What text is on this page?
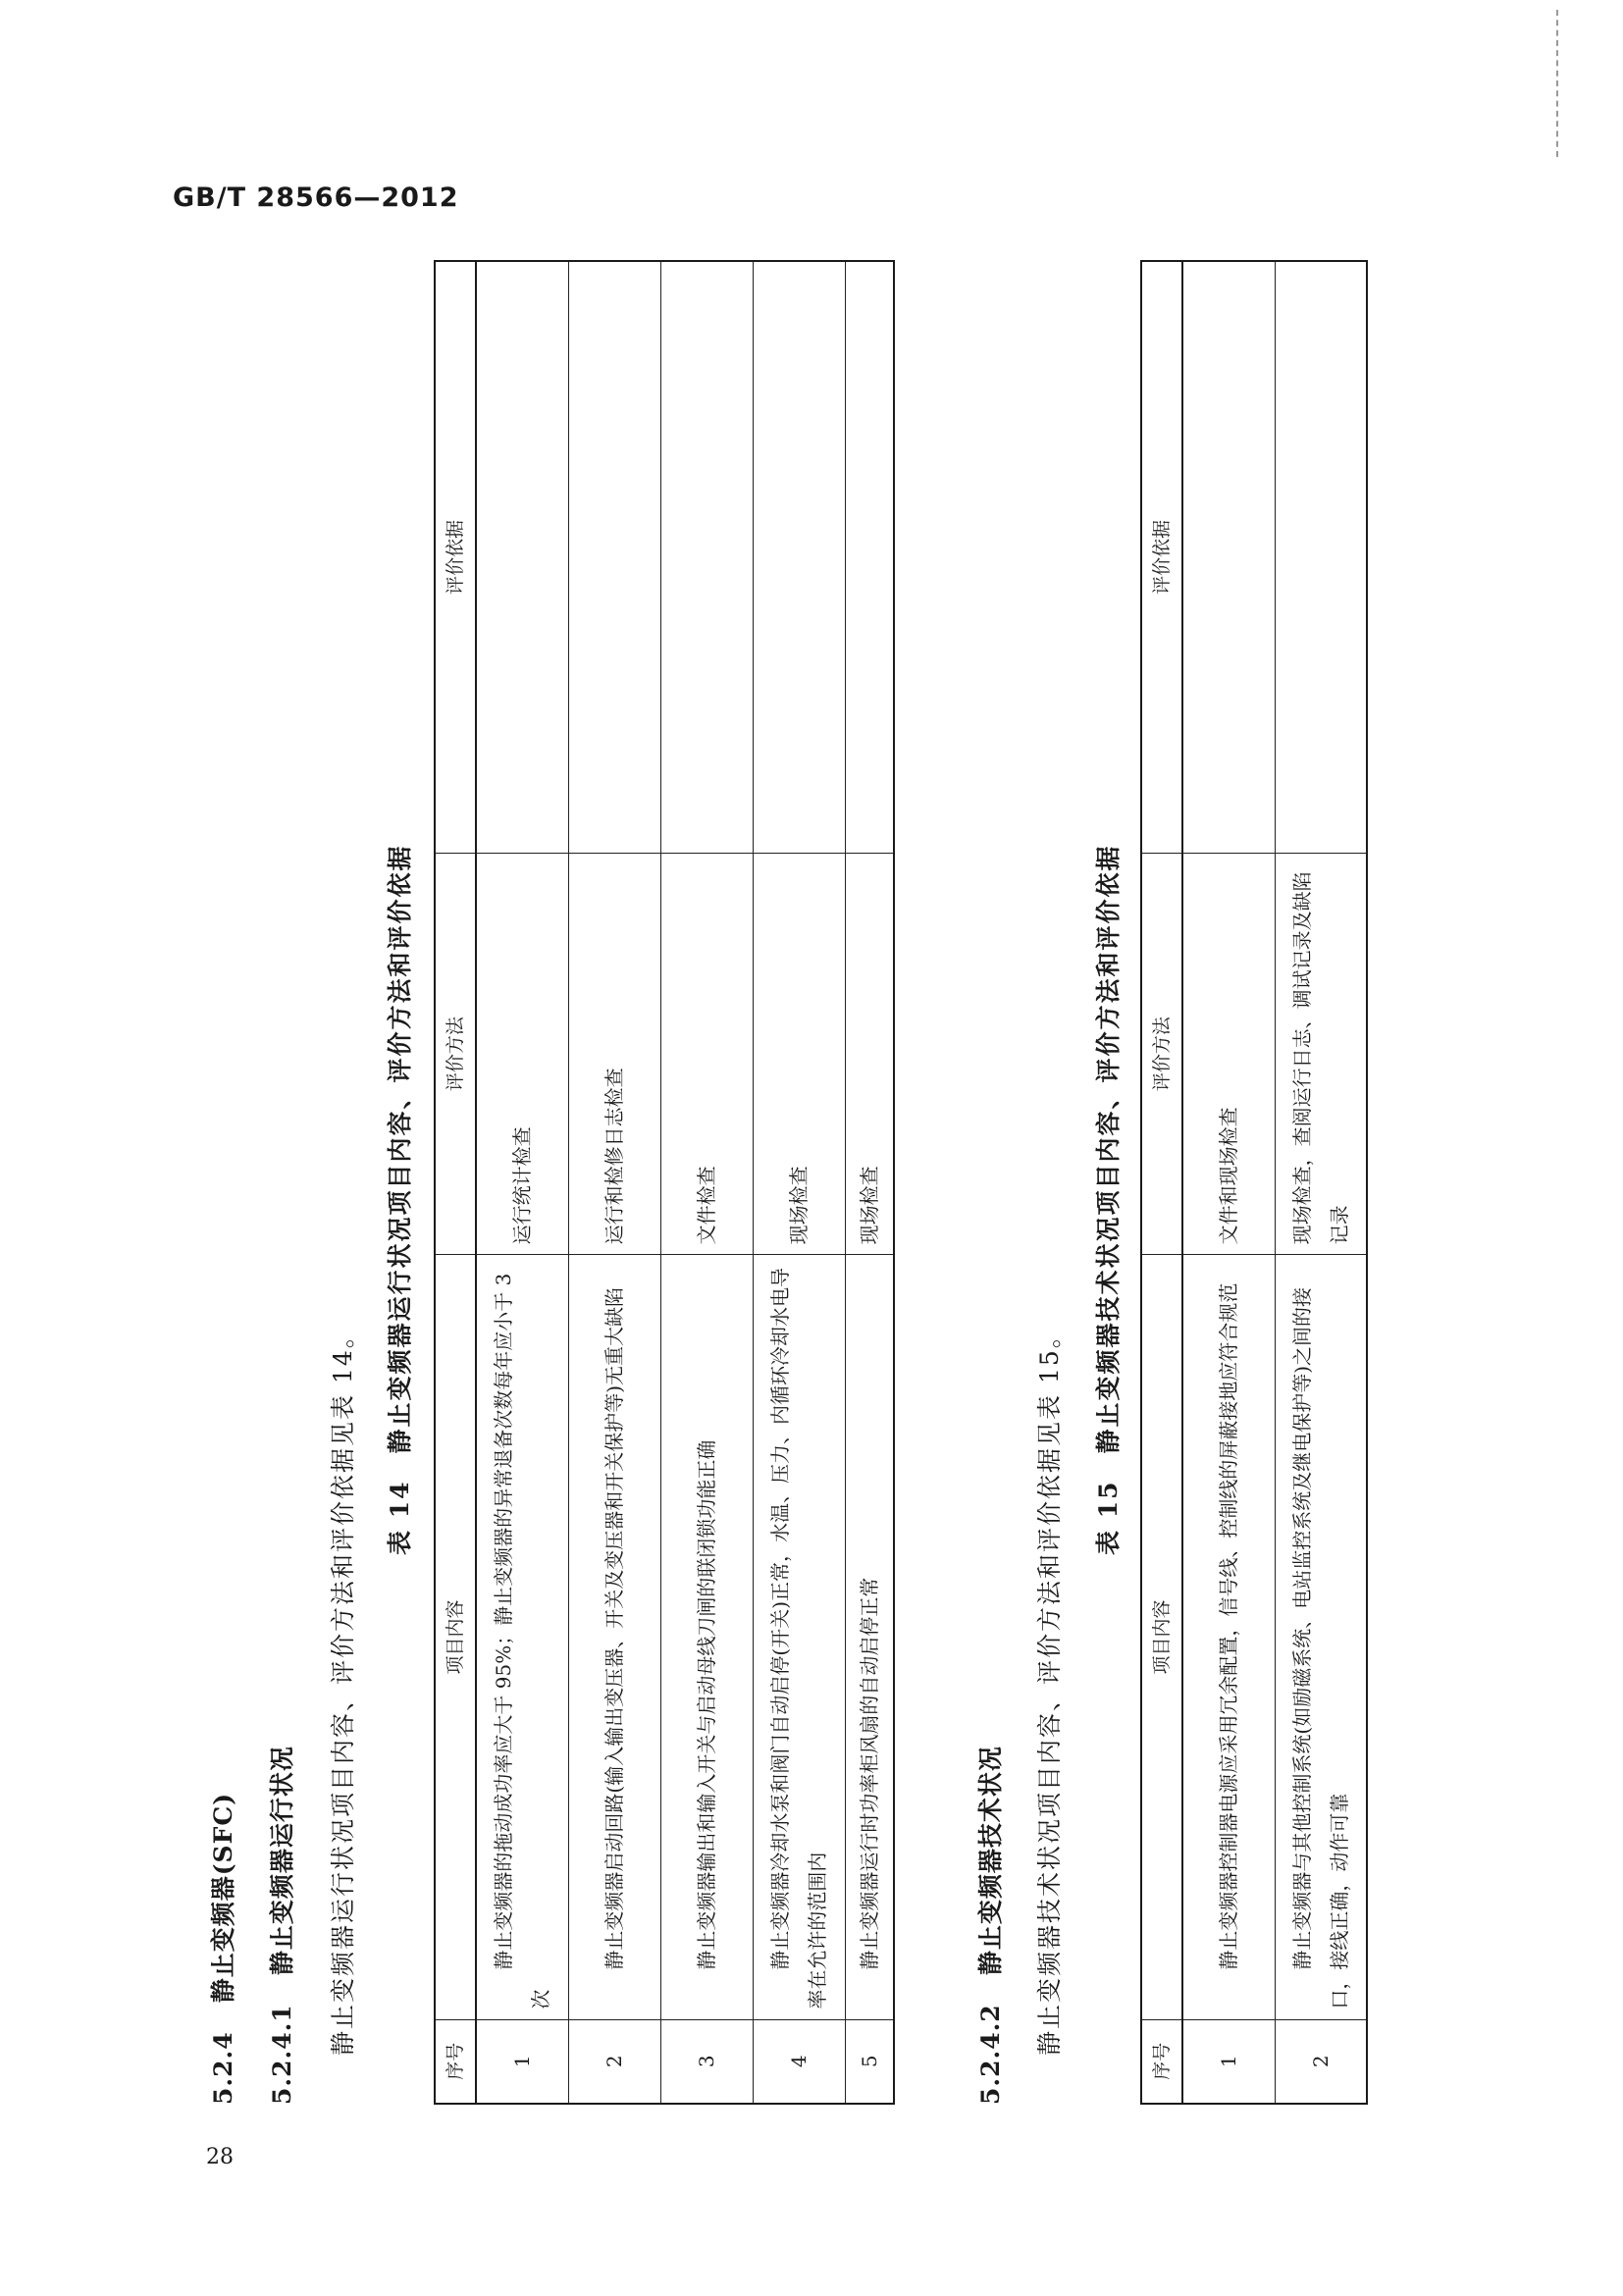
GB/T 28566—2012
28
5.2.4   静止变频器(SFC)
5.2.4.1   静止变频器运行状况 静止变频器运行状况项目内容、评价方法和评价依据见表 14。
表 14　静止变频器运行状况项目内容、评价方法和评价依据
序号	项目内容	评价方法	评价依据
1	静止变频器的拖动成功率应大于 95%；静止变频器的异常退备次数每年应小于 3 次	运行统计检查	
2	静止变频器启动回路(输入输出变压器、开关及变压器和开关保护等)无重大缺陷	运行和检修日志检查	
3	静止变频器输出和输入开关与启动母线刀闸的联闭锁功能正确	文件检查	
4	静止变频器冷却水泵和阀门自动启停(开关)正常，水温、压力、内循环冷却水电导率在允许的范围内	现场检查	
5	静止变频器运行时功率柜风扇的自动启停正常	现场检查	
5.2.4.2   静止变频器技术状况 静止变频器技术状况项目内容、评价方法和评价依据见表 15。
表 15　静止变频器技术状况项目内容、评价方法和评价依据
序号	项目内容	评价方法	评价依据
1	静止变频器控制器电源应采用冗余配置，信号线、控制线的屏蔽接地应符合规范	文件和现场检查	
2	静止变频器与其他控制系统(如励磁系统、电站监控系统及继电保护等)之间的接口，接线正确，动作可靠	现场检查，查阅运行日志、调试记录及缺陷记录	
